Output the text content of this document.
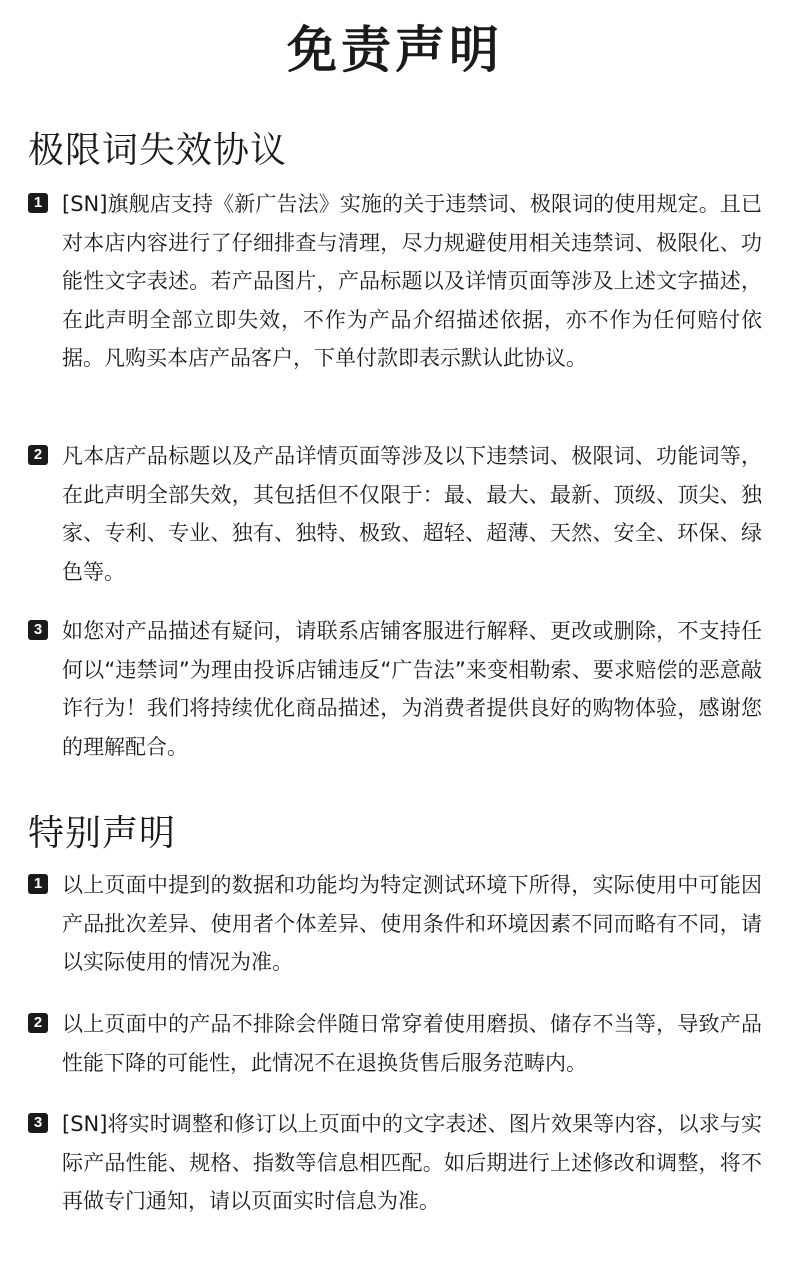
免责声明
极限词失效协议
1 [SN]旗舰店支持《新广告法》实施的关于违禁词、极限词的使用规定。且已对本店内容进行了仔细排查与清理，尽力规避使用相关违禁词、极限化、功能性文字表述。若产品图片，产品标题以及详情页面等涉及上述文字描述，在此声明全部立即失效，不作为产品介绍描述依据，亦不作为任何赔付依据。凡购买本店产品客户，下单付款即表示默认此协议。
2 凡本店产品标题以及产品详情页面等涉及以下违禁词、极限词、功能词等，在此声明全部失效，其包括但不仅限于：最、最大、最新、顶级、顶尖、独家、专利、专业、独有、独特、极致、超轻、超薄、天然、安全、环保、绿色等。
3 如您对产品描述有疑问，请联系店铺客服进行解释、更改或删除，不支持任何以“违禁词”为理由投诉店铺违反“广告法”来变相勒索、要求赔偿的恶意敲诈行为！我们将持续优化商品描述，为消费者提供良好的购物体验，感谢您的理解配合。
特别声明
1 以上页面中提到的数据和功能均为特定测试环境下所得，实际使用中可能因产品批次差异、使用者个体差异、使用条件和环境因素不同而略有不同，请以实际使用的情况为准。
2 以上页面中的产品不排除会伴随日常穿着使用磨损、储存不当等，导致产品性能下降的可能性，此情况不在退换货售后服务范畴内。
3 [SN]将实时调整和修订以上页面中的文字表述、图片效果等内容，以求与实际产品性能、规格、指数等信息相匹配。如后期进行上述修改和调整，将不再做专门通知，请以页面实时信息为准。
